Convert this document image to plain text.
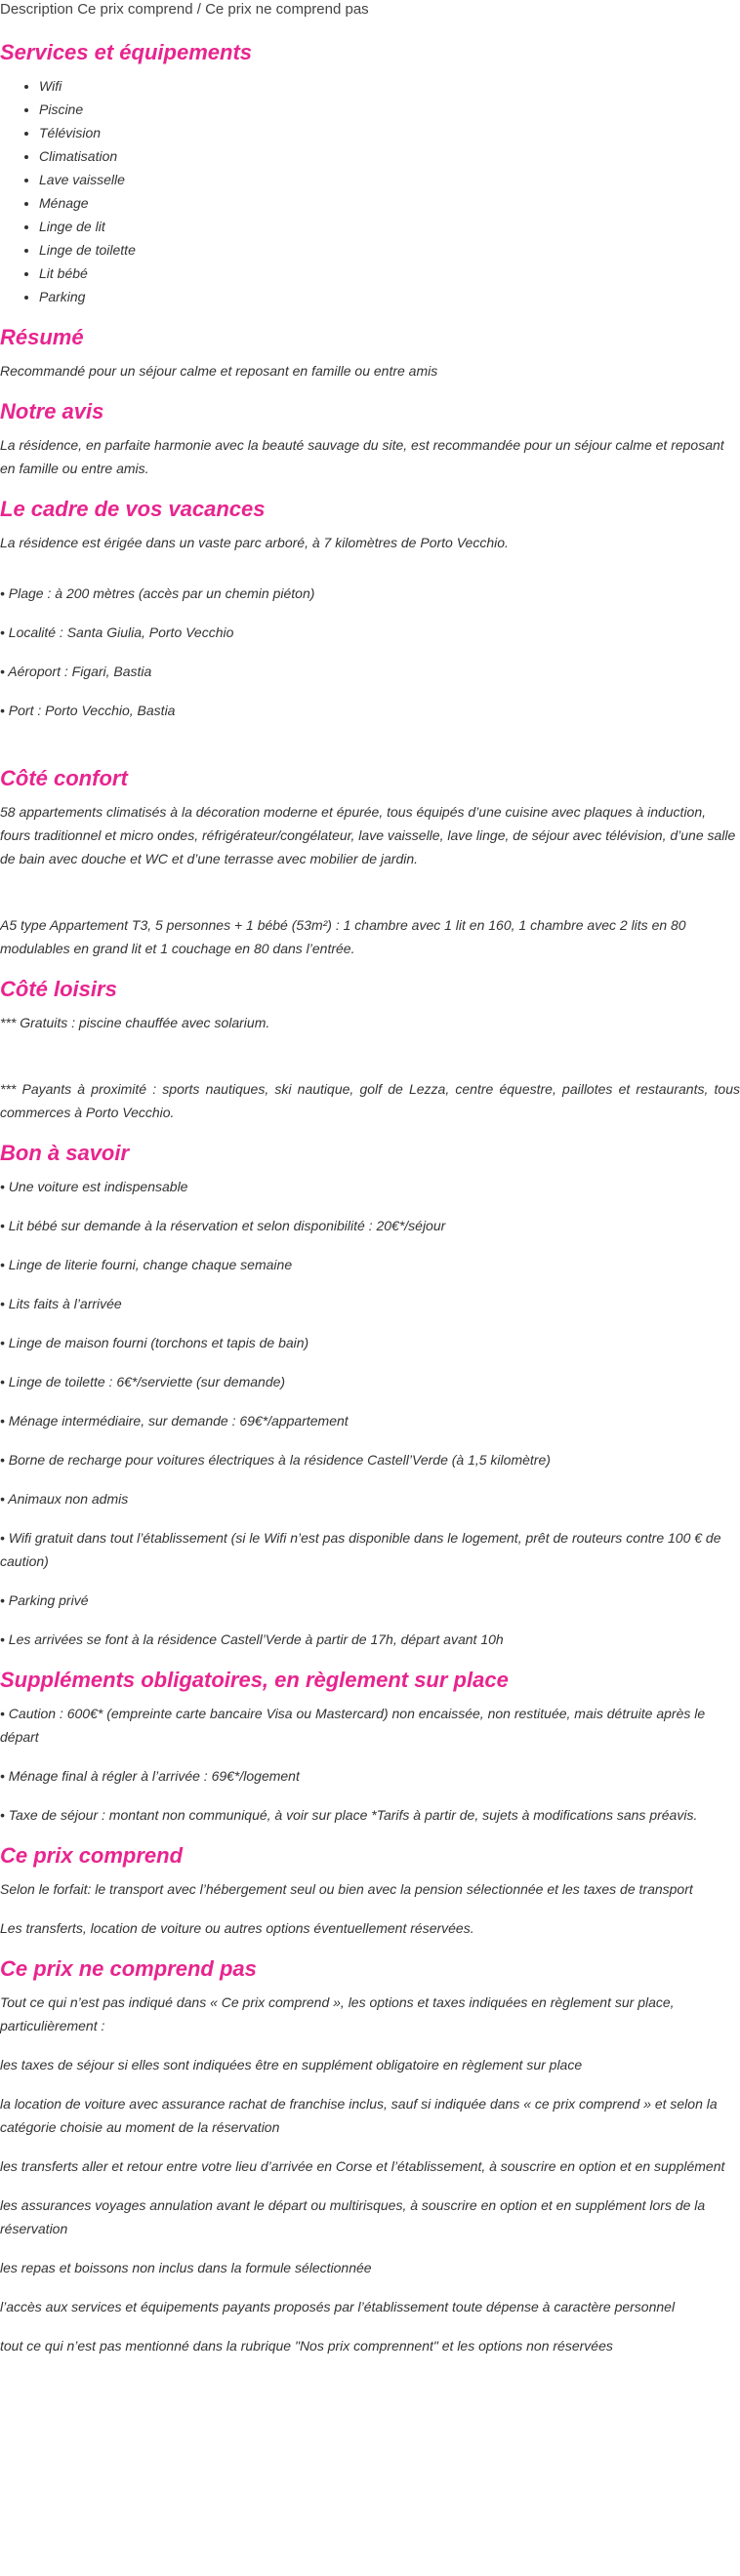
Description Ce prix comprend / Ce prix ne comprend pas
Services et équipements
• Wifi
• Piscine
• Télévision
• Climatisation
• Lave vaisselle
• Ménage
• Linge de lit
• Linge de toilette
• Lit bébé
• Parking
Résumé

Recommandé pour un séjour calme et reposant en famille ou entre amis

Notre avis

La résidence, en parfaite harmonie avec la beauté sauvage du site, est recommandée pour un séjour calme et reposant en famille ou entre amis.

Le cadre de vos vacances

La résidence est érigée dans un vaste parc arboré, à 7 kilomètres de Porto Vecchio.

• Plage : à 200 mètres (accès par un chemin piéton)

• Localité : Santa Giulia, Porto Vecchio

• Aéroport : Figari, Bastia

• Port : Porto Vecchio, Bastia

Côté confort

58 appartements climatisés à la décoration moderne et épurée, tous équipés d’une cuisine avec plaques à induction, fours traditionnel et micro ondes, réfrigérateur/congélateur, lave vaisselle, lave linge, de séjour avec télévision, d’une salle de bain avec douche et WC et d’une terrasse avec mobilier de jardin.

A5 type Appartement T3, 5 personnes + 1 bébé (53m²) : 1 chambre avec 1 lit en 160, 1 chambre avec 2 lits en 80 modulables en grand lit et 1 couchage en 80 dans l’entrée.

Côté loisirs

*** Gratuits : piscine chauffée avec solarium.

*** Payants à proximité : sports nautiques, ski nautique, golf de Lezza, centre équestre, paillotes et restaurants, tous commerces à Porto Vecchio.

Bon à savoir

• Une voiture est indispensable

• Lit bébé sur demande à la réservation et selon disponibilité : 20€*/séjour

• Linge de literie fourni, change chaque semaine

• Lits faits à l’arrivée

• Linge de maison fourni (torchons et tapis de bain)

• Linge de toilette : 6€*/serviette (sur demande)

• Ménage intermédiaire, sur demande : 69€*/appartement

• Borne de recharge pour voitures électriques à la résidence Castell’Verde (à 1,5 kilomètre)

• Animaux non admis

• Wifi gratuit dans tout l’établissement (si le Wifi n’est pas disponible dans le logement, prêt de routeurs contre 100 € de caution)

• Parking privé

• Les arrivées se font à la résidence Castell’Verde à partir de 17h, départ avant 10h

Suppléments obligatoires, en règlement sur place

• Caution : 600€* (empreinte carte bancaire Visa ou Mastercard) non encaissée, non restituée, mais détruite après le départ

• Ménage final à régler à l’arrivée : 69€*/logement

• Taxe de séjour : montant non communiqué, à voir sur place *Tarifs à partir de, sujets à modifications sans préavis.

Ce prix comprend

Selon le forfait: le transport avec l’hébergement seul ou bien avec la pension sélectionnée et les taxes de transport

Les transferts, location de voiture ou autres options éventuellement réservées.

Ce prix ne comprend pas

Tout ce qui n’est pas indiqué dans « Ce prix comprend », les options et taxes indiquées en règlement sur place, particulièrement :

les taxes de séjour si elles sont indiquées être en supplément obligatoire en règlement sur place

la location de voiture avec assurance rachat de franchise inclus, sauf si indiquée dans « ce prix comprend » et selon la catégorie choisie au moment de la réservation

les transferts aller et retour entre votre lieu d’arrivée en Corse et l’établissement, à souscrire en option et en supplément

les assurances voyages annulation avant le départ ou multirisques, à souscrire en option et en supplément lors de la réservation

les repas et boissons non inclus dans la formule sélectionnée

l’accès aux services et équipements payants proposés par l’établissement toute dépense à caractère personnel

tout ce qui n’est pas mentionné dans la rubrique "Nos prix comprennent" et les options non réservées
